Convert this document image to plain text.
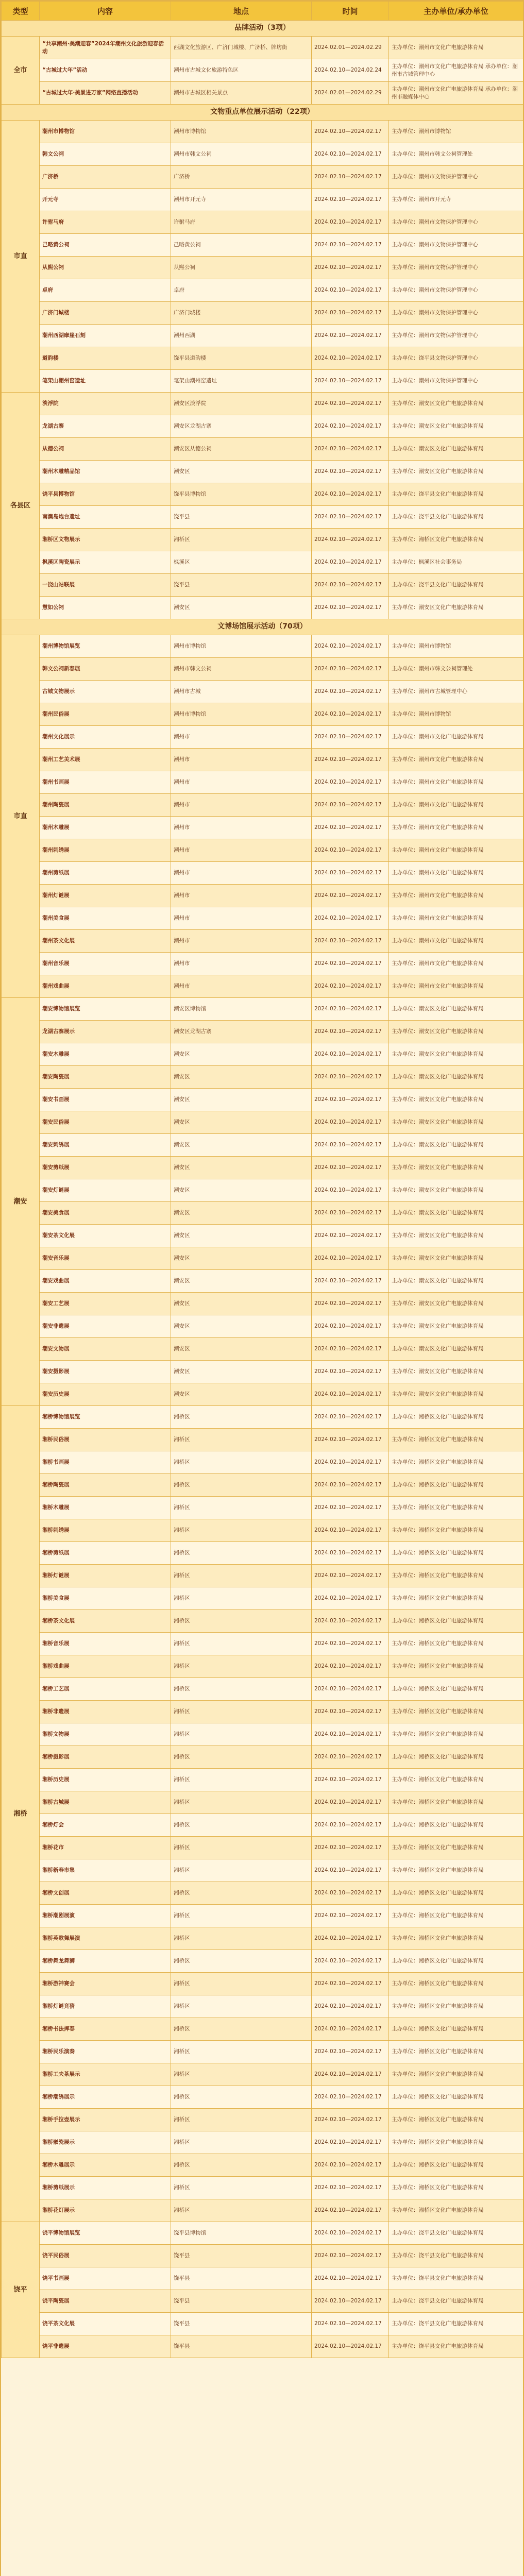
类型	内容	地点	时间	主办单位/承办单位
品牌活动（3项）				
全市	“共享潮州·美潮迎春”2024年潮州文化旅游迎春活动	西湖文化旅游区、广济门城楼、广济桥、牌坊街	2024.02.01—2024.02.29	主办单位：潮州市文化广电旅游体育局
	“古城过大年”活动	潮州市古城文化旅游特色区	2024.02.10—2024.02.24	主办单位：潮州市文化广电旅游体育局 承办单位：潮州市古城管理中心
	“古城过大年·美景进万家”网络直播活动	潮州市古城区相关景点	2024.02.01—2024.02.29	主办单位：潮州市文化广电旅游体育局 承办单位：潮州市融媒体中心
文物重点单位展示活动（22项）				
市直	潮州市博物馆	潮州市博物馆	2024.02.10—2024.02.17	主办单位：潮州市博物馆
	韩文公祠	潮州市韩文公祠	2024.02.10—2024.02.17	主办单位：潮州市韩文公祠管理处
	广济桥	广济桥	2024.02.10—2024.02.17	主办单位：潮州市文物保护管理中心
	开元寺	潮州市开元寺	2024.02.10—2024.02.17	主办单位：潮州市开元寺
	许驸马府	许驸马府	2024.02.10—2024.02.17	主办单位：潮州市文物保护管理中心
	己略黄公祠	己略黄公祠	2024.02.10—2024.02.17	主办单位：潮州市文物保护管理中心
	从熙公祠	从熙公祠	2024.02.10—2024.02.17	主办单位：潮州市文物保护管理中心
	卓府	卓府	2024.02.10—2024.02.17	主办单位：潮州市文物保护管理中心
	广济门城楼	广济门城楼	2024.02.10—2024.02.17	主办单位：潮州市文物保护管理中心
	潮州西湖摩崖石刻	潮州西湖	2024.02.10—2024.02.17	主办单位：潮州市文物保护管理中心
	道韵楼	饶平县道韵楼	2024.02.10—2024.02.17	主办单位：饶平县文物保护管理中心
	笔架山潮州窑遗址	笔架山潮州窑遗址	2024.02.10—2024.02.17	主办单位：潮州市文物保护管理中心
各县区	淡浮院	潮安区淡浮院	2024.02.10—2024.02.17	主办单位：潮安区文化广电旅游体育局
	龙湖古寨	潮安区龙湖古寨	2024.02.10—2024.02.17	主办单位：潮安区文化广电旅游体育局
	从德公祠	潮安区从德公祠	2024.02.10—2024.02.17	主办单位：潮安区文化广电旅游体育局
	潮州木雕精品馆	潮安区	2024.02.10—2024.02.17	主办单位：潮安区文化广电旅游体育局
	饶平县博物馆	饶平县博物馆	2024.02.10—2024.02.17	主办单位：饶平县文化广电旅游体育局
	南澳岛炮台遗址	饶平县	2024.02.10—2024.02.17	主办单位：饶平县文化广电旅游体育局
	湘桥区文物展示	湘桥区	2024.02.10—2024.02.17	主办单位：湘桥区文化广电旅游体育局
	枫溪区陶瓷展示	枫溪区	2024.02.10—2024.02.17	主办单位：枫溪区社会事务局
	一饶山站联展	饶平县	2024.02.10—2024.02.17	主办单位：饶平县文化广电旅游体育局
	慧如公祠	潮安区	2024.02.10—2024.02.17	主办单位：潮安区文化广电旅游体育局
文博场馆展示活动（70项）				
市直	潮州博物馆展览	潮州市博物馆	2024.02.10—2024.02.17	主办单位：潮州市博物馆
	韩文公祠新春展	潮州市韩文公祠	2024.02.10—2024.02.17	主办单位：潮州市韩文公祠管理处
	古城文物展示	潮州市古城	2024.02.10—2024.02.17	主办单位：潮州市古城管理中心
	潮州民俗展	潮州市博物馆	2024.02.10—2024.02.17	主办单位：潮州市博物馆
	潮州文化展示	潮州市	2024.02.10—2024.02.17	主办单位：潮州市文化广电旅游体育局
	潮州工艺美术展	潮州市	2024.02.10—2024.02.17	主办单位：潮州市文化广电旅游体育局
	潮州书画展	潮州市	2024.02.10—2024.02.17	主办单位：潮州市文化广电旅游体育局
	潮州陶瓷展	潮州市	2024.02.10—2024.02.17	主办单位：潮州市文化广电旅游体育局
	潮州木雕展	潮州市	2024.02.10—2024.02.17	主办单位：潮州市文化广电旅游体育局
	潮州刺绣展	潮州市	2024.02.10—2024.02.17	主办单位：潮州市文化广电旅游体育局
	潮州剪纸展	潮州市	2024.02.10—2024.02.17	主办单位：潮州市文化广电旅游体育局
	潮州灯谜展	潮州市	2024.02.10—2024.02.17	主办单位：潮州市文化广电旅游体育局
	潮州美食展	潮州市	2024.02.10—2024.02.17	主办单位：潮州市文化广电旅游体育局
	潮州茶文化展	潮州市	2024.02.10—2024.02.17	主办单位：潮州市文化广电旅游体育局
	潮州音乐展	潮州市	2024.02.10—2024.02.17	主办单位：潮州市文化广电旅游体育局
	潮州戏曲展	潮州市	2024.02.10—2024.02.17	主办单位：潮州市文化广电旅游体育局
潮安	潮安博物馆展览	潮安区博物馆	2024.02.10—2024.02.17	主办单位：潮安区文化广电旅游体育局
	龙湖古寨展示	潮安区龙湖古寨	2024.02.10—2024.02.17	主办单位：潮安区文化广电旅游体育局
	潮安木雕展	潮安区	2024.02.10—2024.02.17	主办单位：潮安区文化广电旅游体育局
	潮安陶瓷展	潮安区	2024.02.10—2024.02.17	主办单位：潮安区文化广电旅游体育局
	潮安书画展	潮安区	2024.02.10—2024.02.17	主办单位：潮安区文化广电旅游体育局
	潮安民俗展	潮安区	2024.02.10—2024.02.17	主办单位：潮安区文化广电旅游体育局
	潮安刺绣展	潮安区	2024.02.10—2024.02.17	主办单位：潮安区文化广电旅游体育局
	潮安剪纸展	潮安区	2024.02.10—2024.02.17	主办单位：潮安区文化广电旅游体育局
	潮安灯谜展	潮安区	2024.02.10—2024.02.17	主办单位：潮安区文化广电旅游体育局
	潮安美食展	潮安区	2024.02.10—2024.02.17	主办单位：潮安区文化广电旅游体育局
	潮安茶文化展	潮安区	2024.02.10—2024.02.17	主办单位：潮安区文化广电旅游体育局
	潮安音乐展	潮安区	2024.02.10—2024.02.17	主办单位：潮安区文化广电旅游体育局
	潮安戏曲展	潮安区	2024.02.10—2024.02.17	主办单位：潮安区文化广电旅游体育局
	潮安工艺展	潮安区	2024.02.10—2024.02.17	主办单位：潮安区文化广电旅游体育局
	潮安非遗展	潮安区	2024.02.10—2024.02.17	主办单位：潮安区文化广电旅游体育局
	潮安文物展	潮安区	2024.02.10—2024.02.17	主办单位：潮安区文化广电旅游体育局
	潮安摄影展	潮安区	2024.02.10—2024.02.17	主办单位：潮安区文化广电旅游体育局
	潮安历史展	潮安区	2024.02.10—2024.02.17	主办单位：潮安区文化广电旅游体育局
湘桥	湘桥博物馆展览	湘桥区	2024.02.10—2024.02.17	主办单位：湘桥区文化广电旅游体育局
	湘桥民俗展	湘桥区	2024.02.10—2024.02.17	主办单位：湘桥区文化广电旅游体育局
	湘桥书画展	湘桥区	2024.02.10—2024.02.17	主办单位：湘桥区文化广电旅游体育局
	湘桥陶瓷展	湘桥区	2024.02.10—2024.02.17	主办单位：湘桥区文化广电旅游体育局
	湘桥木雕展	湘桥区	2024.02.10—2024.02.17	主办单位：湘桥区文化广电旅游体育局
	湘桥刺绣展	湘桥区	2024.02.10—2024.02.17	主办单位：湘桥区文化广电旅游体育局
	湘桥剪纸展	湘桥区	2024.02.10—2024.02.17	主办单位：湘桥区文化广电旅游体育局
	湘桥灯谜展	湘桥区	2024.02.10—2024.02.17	主办单位：湘桥区文化广电旅游体育局
	湘桥美食展	湘桥区	2024.02.10—2024.02.17	主办单位：湘桥区文化广电旅游体育局
	湘桥茶文化展	湘桥区	2024.02.10—2024.02.17	主办单位：湘桥区文化广电旅游体育局
	湘桥音乐展	湘桥区	2024.02.10—2024.02.17	主办单位：湘桥区文化广电旅游体育局
	湘桥戏曲展	湘桥区	2024.02.10—2024.02.17	主办单位：湘桥区文化广电旅游体育局
	湘桥工艺展	湘桥区	2024.02.10—2024.02.17	主办单位：湘桥区文化广电旅游体育局
	湘桥非遗展	湘桥区	2024.02.10—2024.02.17	主办单位：湘桥区文化广电旅游体育局
	湘桥文物展	湘桥区	2024.02.10—2024.02.17	主办单位：湘桥区文化广电旅游体育局
	湘桥摄影展	湘桥区	2024.02.10—2024.02.17	主办单位：湘桥区文化广电旅游体育局
	湘桥历史展	湘桥区	2024.02.10—2024.02.17	主办单位：湘桥区文化广电旅游体育局
	湘桥古城展	湘桥区	2024.02.10—2024.02.17	主办单位：湘桥区文化广电旅游体育局
	湘桥灯会	湘桥区	2024.02.10—2024.02.17	主办单位：湘桥区文化广电旅游体育局
	湘桥花市	湘桥区	2024.02.10—2024.02.17	主办单位：湘桥区文化广电旅游体育局
	湘桥新春市集	湘桥区	2024.02.10—2024.02.17	主办单位：湘桥区文化广电旅游体育局
	湘桥文创展	湘桥区	2024.02.10—2024.02.17	主办单位：湘桥区文化广电旅游体育局
	湘桥潮剧展演	湘桥区	2024.02.10—2024.02.17	主办单位：湘桥区文化广电旅游体育局
	湘桥英歌舞展演	湘桥区	2024.02.10—2024.02.17	主办单位：湘桥区文化广电旅游体育局
	湘桥舞龙舞狮	湘桥区	2024.02.10—2024.02.17	主办单位：湘桥区文化广电旅游体育局
	湘桥游神赛会	湘桥区	2024.02.10—2024.02.17	主办单位：湘桥区文化广电旅游体育局
	湘桥灯谜竞猜	湘桥区	2024.02.10—2024.02.17	主办单位：湘桥区文化广电旅游体育局
	湘桥书法挥春	湘桥区	2024.02.10—2024.02.17	主办单位：湘桥区文化广电旅游体育局
	湘桥民乐演奏	湘桥区	2024.02.10—2024.02.17	主办单位：湘桥区文化广电旅游体育局
	湘桥工夫茶展示	湘桥区	2024.02.10—2024.02.17	主办单位：湘桥区文化广电旅游体育局
	湘桥潮绣展示	湘桥区	2024.02.10—2024.02.17	主办单位：湘桥区文化广电旅游体育局
	湘桥手拉壶展示	湘桥区	2024.02.10—2024.02.17	主办单位：湘桥区文化广电旅游体育局
	湘桥嵌瓷展示	湘桥区	2024.02.10—2024.02.17	主办单位：湘桥区文化广电旅游体育局
	湘桥木雕展示	湘桥区	2024.02.10—2024.02.17	主办单位：湘桥区文化广电旅游体育局
	湘桥剪纸展示	湘桥区	2024.02.10—2024.02.17	主办单位：湘桥区文化广电旅游体育局
	湘桥花灯展示	湘桥区	2024.02.10—2024.02.17	主办单位：湘桥区文化广电旅游体育局
饶平	饶平博物馆展览	饶平县博物馆	2024.02.10—2024.02.17	主办单位：饶平县文化广电旅游体育局
	饶平民俗展	饶平县	2024.02.10—2024.02.17	主办单位：饶平县文化广电旅游体育局
	饶平书画展	饶平县	2024.02.10—2024.02.17	主办单位：饶平县文化广电旅游体育局
	饶平陶瓷展	饶平县	2024.02.10—2024.02.17	主办单位：饶平县文化广电旅游体育局
	饶平茶文化展	饶平县	2024.02.10—2024.02.17	主办单位：饶平县文化广电旅游体育局
	饶平非遗展	饶平县	2024.02.10—2024.02.17	主办单位：饶平县文化广电旅游体育局
